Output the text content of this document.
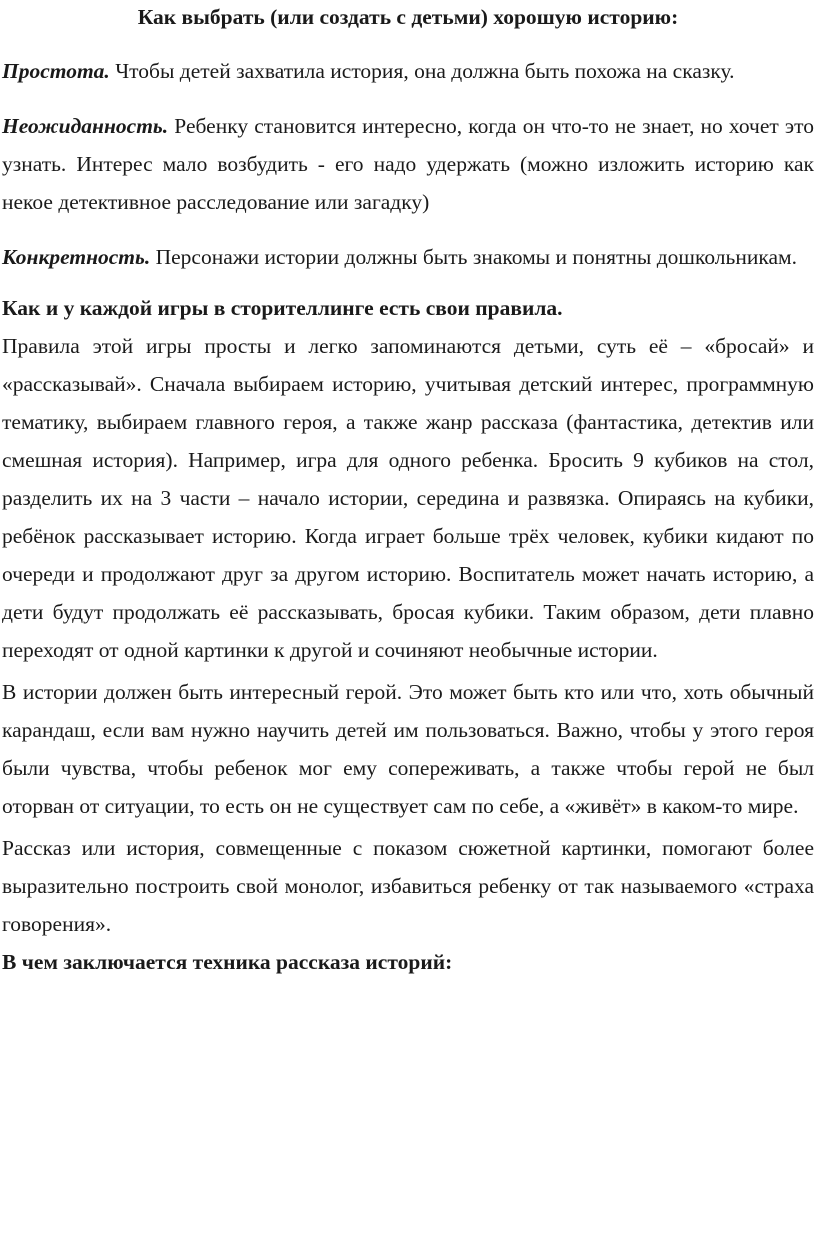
Как выбрать (или создать с детьми) хорошую историю:

Простота. Чтобы детей захватила история, она должна быть похожа на сказку.

Неожиданность. Ребенку становится интересно, когда он что-то не знает, но хочет это узнать. Интерес мало возбудить - его надо удержать (можно изложить историю как некое детективное расследование или загадку)

Конкретность. Персонажи истории должны быть знакомы и понятны дошкольникам.

Как и у каждой игры в сторителлинге есть свои правила.

Правила этой игры просты и легко запоминаются детьми, суть её – «бросай» и «рассказывай». Сначала выбираем историю, учитывая детский интерес, программную тематику, выбираем главного героя, а также жанр рассказа (фантастика, детектив или смешная история). Например, игра для одного ребенка. Бросить 9 кубиков на стол, разделить их на 3 части – начало истории, середина и развязка. Опираясь на кубики, ребёнок рассказывает историю. Когда играет больше трёх человек, кубики кидают по очереди и продолжают друг за другом историю. Воспитатель может начать историю, а дети будут продолжать её рассказывать, бросая кубики. Таким образом, дети плавно переходят от одной картинки к другой и сочиняют необычные истории.

В истории должен быть интересный герой. Это может быть кто или что, хоть обычный карандаш, если вам нужно научить детей им пользоваться. Важно, чтобы у этого героя были чувства, чтобы ребенок мог ему сопереживать, а также чтобы герой не был оторван от ситуации, то есть он не существует сам по себе, а «живёт» в каком-то мире.

Рассказ или история, совмещенные с показом сюжетной картинки, помогают более выразительно построить свой монолог, избавиться ребенку от так называемого «страха говорения».

В чем заключается техника рассказа историй:
